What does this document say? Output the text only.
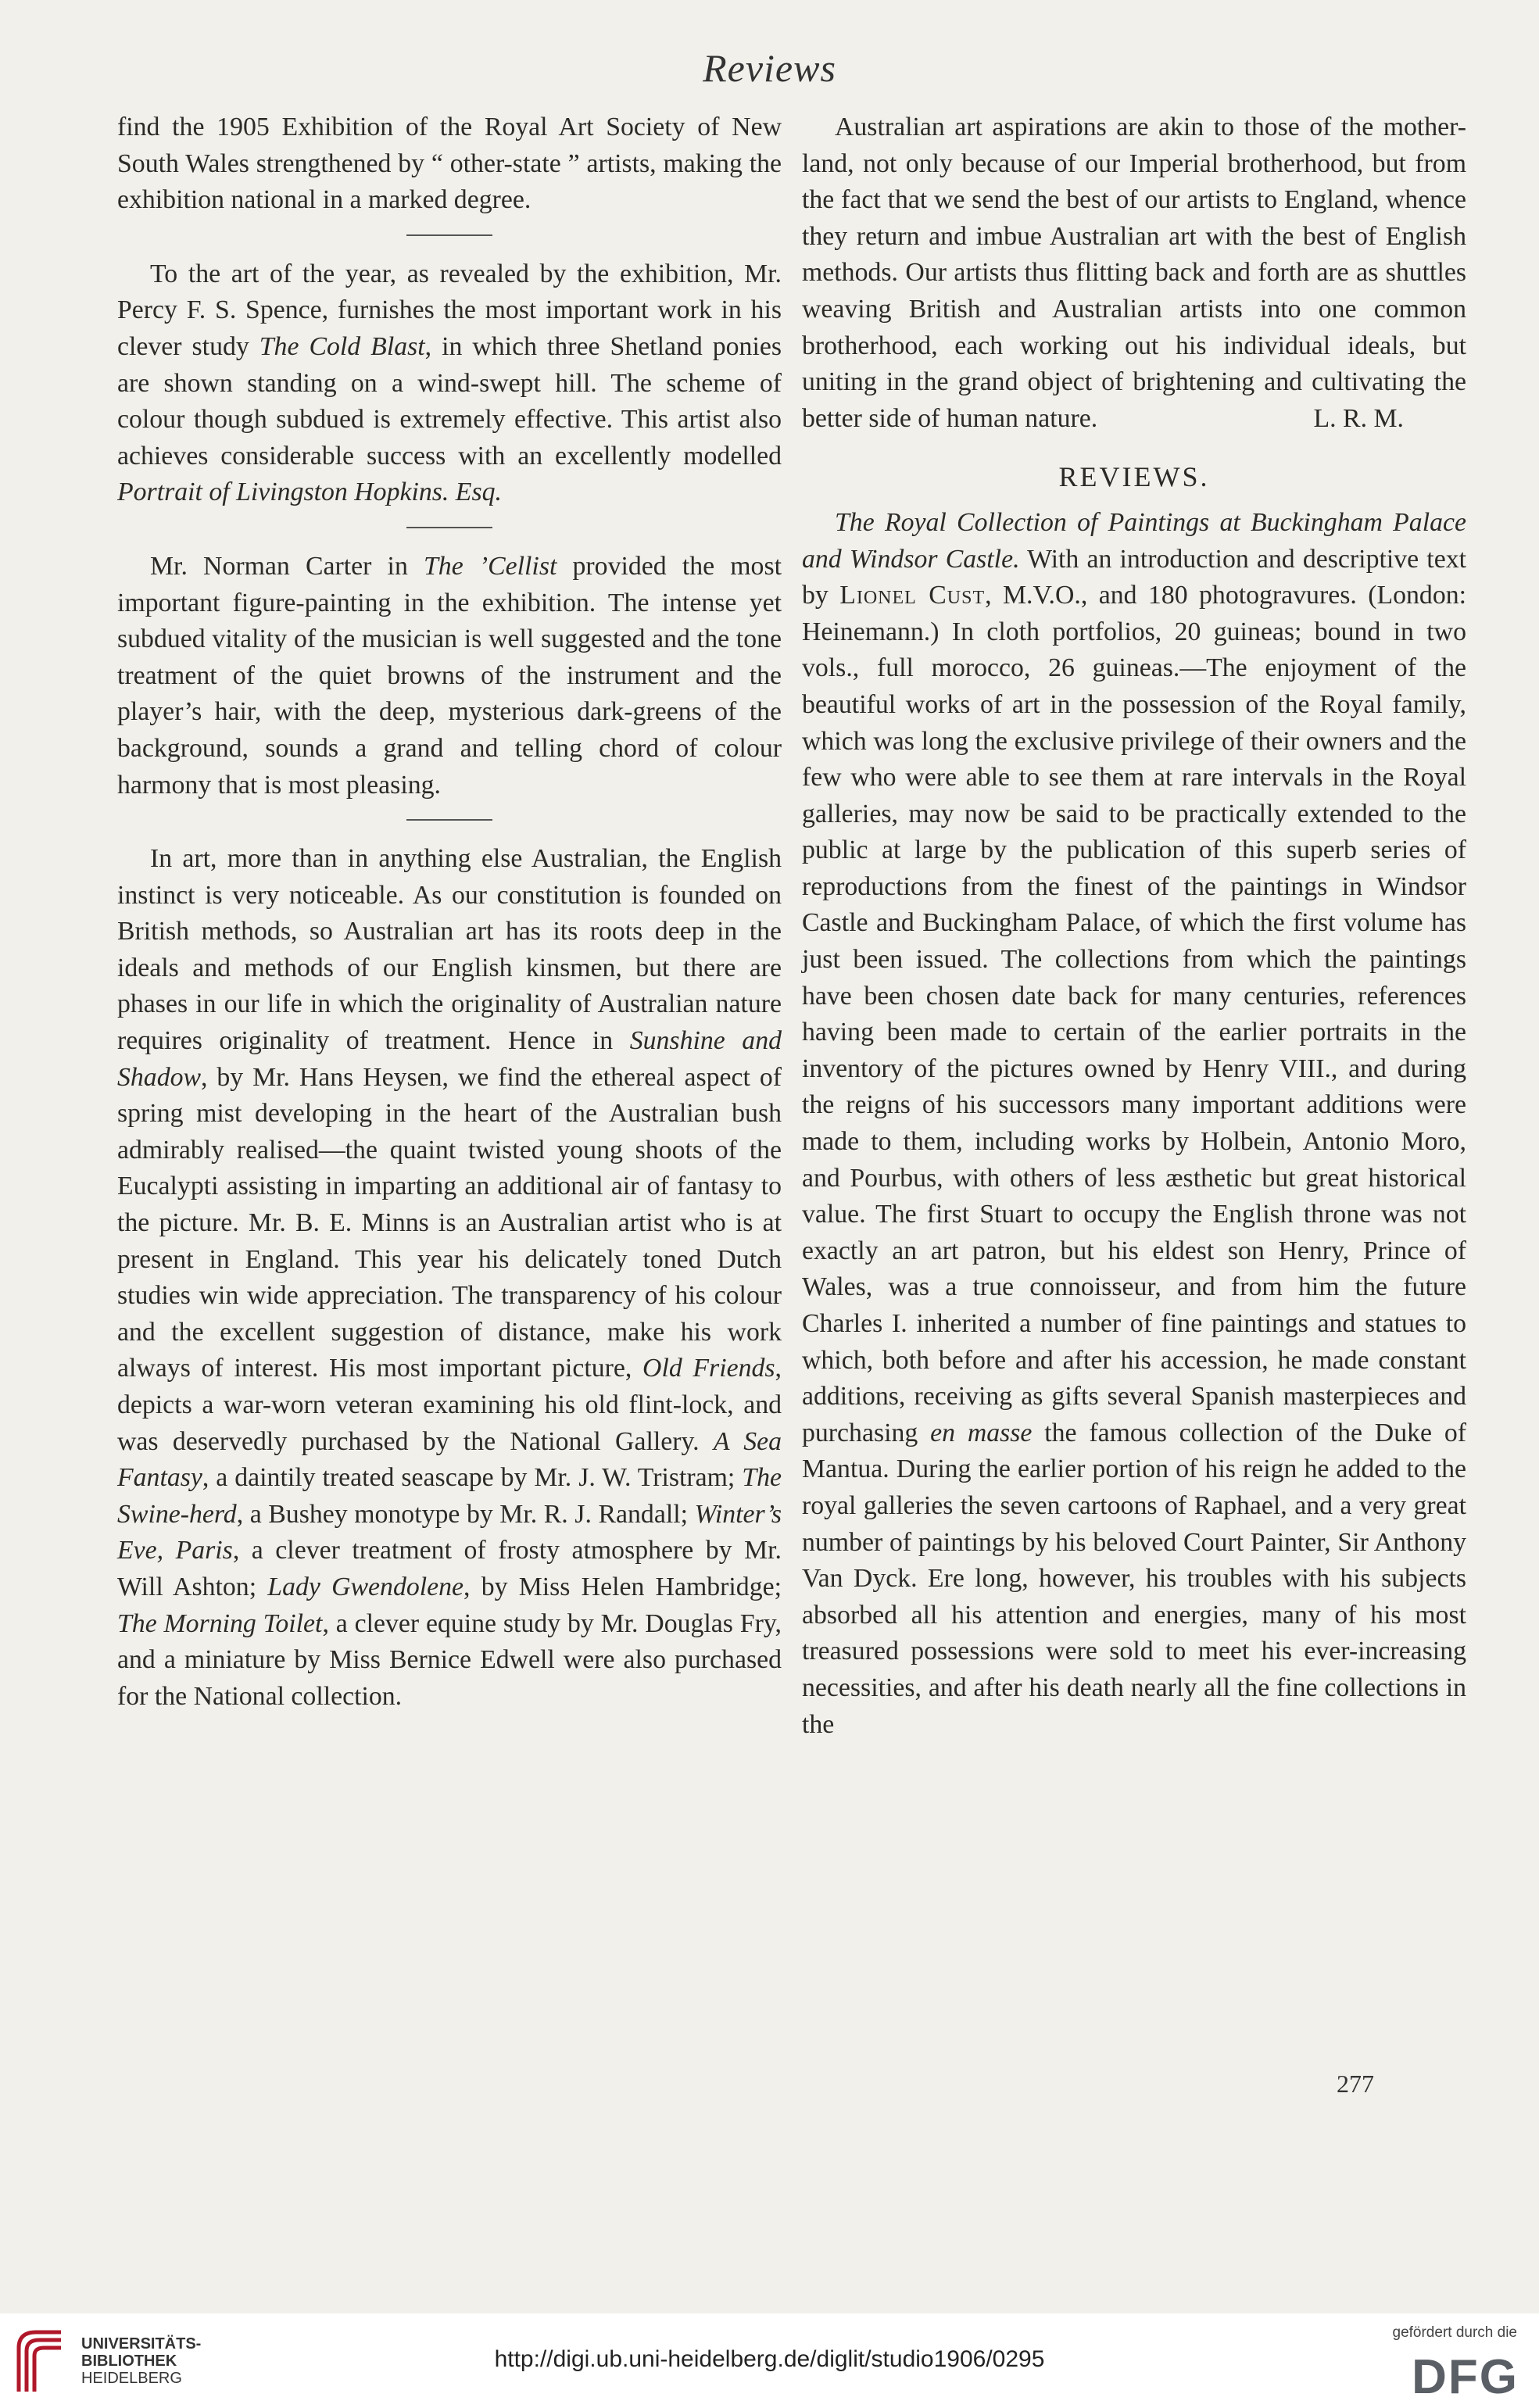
Reviews

find the 1905 Exhibition of the Royal Art Society of New South Wales strengthened by “ other-state ” artists, making the exhibition national in a marked degree.

To the art of the year, as revealed by the exhibition, Mr. Percy F. S. Spence, furnishes the most important work in his clever study The Cold Blast, in which three Shetland ponies are shown standing on a wind-swept hill. The scheme of colour though subdued is extremely effective. This artist also achieves considerable success with an excellently modelled Portrait of Livingston Hopkins. Esq.

Mr. Norman Carter in The ’Cellist provided the most important figure-painting in the exhibition. The intense yet subdued vitality of the musician is well suggested and the tone treatment of the quiet browns of the instrument and the player’s hair, with the deep, mysterious dark-greens of the background, sounds a grand and telling chord of colour harmony that is most pleasing.

In art, more than in anything else Australian, the English instinct is very noticeable. As our constitution is founded on British methods, so Australian art has its roots deep in the ideals and methods of our English kinsmen, but there are phases in our life in which the originality of Australian nature requires originality of treatment. Hence in Sunshine and Shadow, by Mr. Hans Heysen, we find the ethereal aspect of spring mist developing in the heart of the Australian bush admirably realised—the quaint twisted young shoots of the Eucalypti assisting in imparting an additional air of fantasy to the picture. Mr. B. E. Minns is an Australian artist who is at present in England. This year his delicately toned Dutch studies win wide appreciation. The transparency of his colour and the excellent suggestion of distance, make his work always of interest. His most important picture, Old Friends, depicts a war-worn veteran examining his old flint-lock, and was deservedly purchased by the National Gallery. A Sea Fantasy, a daintily treated seascape by Mr. J. W. Tristram; The Swine-herd, a Bushey monotype by Mr. R. J. Randall; Winter’s Eve, Paris, a clever treatment of frosty atmosphere by Mr. Will Ashton; Lady Gwendolene, by Miss Helen Hambridge; The Morning Toilet, a clever equine study by Mr. Douglas Fry, and a miniature by Miss Bernice Edwell were also purchased for the National collection.

Australian art aspirations are akin to those of the mother-land, not only because of our Imperial brotherhood, but from the fact that we send the best of our artists to England, whence they return and imbue Australian art with the best of English methods. Our artists thus flitting back and forth are as shuttles weaving British and Australian artists into one common brotherhood, each working out his individual ideals, but uniting in the grand object of brightening and cultivating the better side of human nature.	L. R. M.
REVIEWS.

The Royal Collection of Paintings at Buckingham Palace and Windsor Castle. With an introduction and descriptive text by Lionel Cust, M.V.O., and 180 photogravures. (London: Heinemann.) In cloth portfolios, 20 guineas; bound in two vols., full morocco, 26 guineas.—The enjoyment of the beautiful works of art in the possession of the Royal family, which was long the exclusive privilege of their owners and the few who were able to see them at rare intervals in the Royal galleries, may now be said to be practically extended to the public at large by the publication of this superb series of reproductions from the finest of the paintings in Windsor Castle and Buckingham Palace, of which the first volume has just been issued. The collections from which the paintings have been chosen date back for many centuries, references having been made to certain of the earlier portraits in the inventory of the pictures owned by Henry VIII., and during the reigns of his successors many important additions were made to them, including works by Holbein, Antonio Moro, and Pourbus, with others of less æsthetic but great historical value. The first Stuart to occupy the English throne was not exactly an art patron, but his eldest son Henry, Prince of Wales, was a true connoisseur, and from him the future Charles I. inherited a number of fine paintings and statues to which, both before and after his accession, he made constant additions, receiving as gifts several Spanish masterpieces and purchasing en masse the famous collection of the Duke of Mantua. During the earlier portion of his reign he added to the royal galleries the seven cartoons of Raphael, and a very great number of paintings by his beloved Court Painter, Sir Anthony Van Dyck. Ere long, however, his troubles with his subjects absorbed all his attention and energies, many of his most treasured possessions were sold to meet his ever-increasing necessities, and after his death nearly all the fine collections in the

277
UNIVERSITÄTS-
BIBLIOTHEK
HEIDELBERG
http://digi.ub.uni-heidelberg.de/diglit/studio1906/0295
gefördert durch die
DFG
